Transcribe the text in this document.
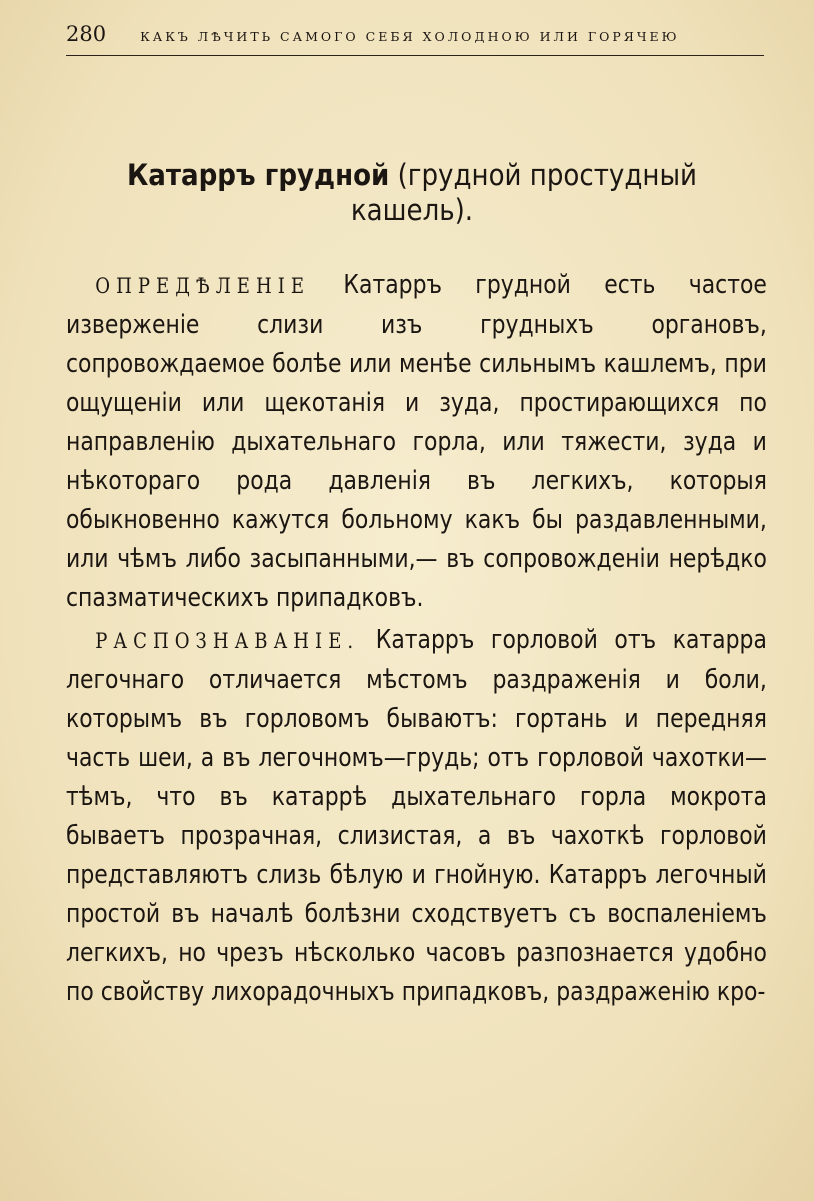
280	КАКЪ ЛѢЧИТЬ САМОГО СЕБЯ ХОЛОДНОЮ ИЛИ ГОРЯЧЕЮ
Катарръ грудной (грудной простудный кашель).

ОПРЕДѢЛЕНІЕ Катарръ грудной есть частое изверженіе слизи изъ грудныхъ органовъ, сопровождаемое болѣе или менѣе сильнымъ кашлемъ, при ощущеніи или щекотанія и зуда, простирающихся по направленію дыхательнаго горла, или тяжести, зуда и нѣкотораго рода давленія въ легкихъ, которыя обыкновенно кажутся больному какъ бы раздавленными, или чѣмъ либо засыпанными,— въ сопровожденіи нерѣдко спазматическихъ припадковъ.

РАСПОЗНАВАНІЕ. Катарръ горловой отъ катарра легочнаго отличается мѣстомъ раздраженія и боли, которымъ въ горловомъ бываютъ: гортань и передняя часть шеи, а въ легочномъ—грудь; отъ горловой чахотки—тѣмъ, что въ катаррѣ дыхательнаго горла мокрота бываетъ прозрачная, слизистая, а въ чахоткѣ горловой представляютъ слизь бѣлую и гнойную. Катарръ легочный простой въ началѣ болѣзни сходствуетъ съ воспаленіемъ легкихъ, но чрезъ нѣсколько часовъ разпознается удобно по свойству лихорадочныхъ припадковъ, раздраженію кро-
